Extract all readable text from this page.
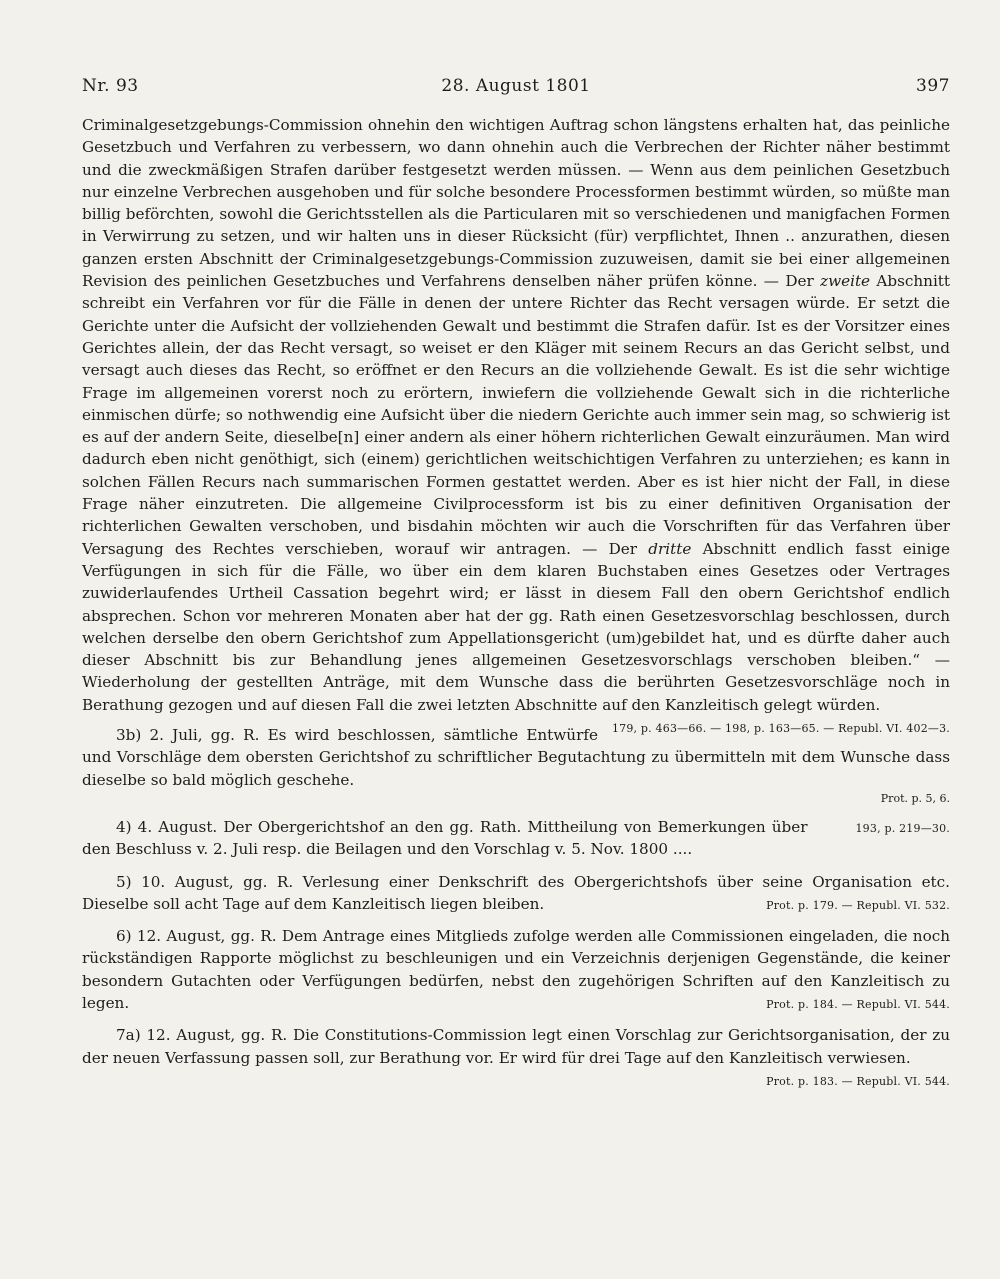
Nr. 93	28. August 1801	397

Criminalgesetzgebungs-Commission ohnehin den wichtigen Auftrag schon längstens erhalten hat, das peinliche Gesetzbuch und Verfahren zu verbessern, wo dann ohnehin auch die Verbrechen der Richter näher bestimmt und die zweckmäßigen Strafen darüber festgesetzt werden müssen. — Wenn aus dem peinlichen Gesetzbuch nur einzelne Verbrechen ausgehoben und für solche besondere Processformen bestimmt würden, so müßte man billig beförchten, sowohl die Gerichtsstellen als die Particularen mit so verschiedenen und manigfachen Formen in Verwirrung zu setzen, und wir halten uns in dieser Rücksicht (für) verpflichtet, Ihnen .. anzurathen, diesen ganzen ersten Abschnitt der Criminalgesetzgebungs-Commission zuzuweisen, damit sie bei einer allgemeinen Revision des peinlichen Gesetzbuches und Verfahrens denselben näher prüfen könne. — Der zweite Abschnitt schreibt ein Verfahren vor für die Fälle in denen der untere Richter das Recht versagen würde. Er setzt die Gerichte unter die Aufsicht der vollziehenden Gewalt und bestimmt die Strafen dafür. Ist es der Vorsitzer eines Gerichtes allein, der das Recht versagt, so weiset er den Kläger mit seinem Recurs an das Gericht selbst, und versagt auch dieses das Recht, so eröffnet er den Recurs an die vollziehende Gewalt. Es ist die sehr wichtige Frage im allgemeinen vorerst noch zu erörtern, inwiefern die vollziehende Gewalt sich in die richterliche einmischen dürfe; so nothwendig eine Aufsicht über die niedern Gerichte auch immer sein mag, so schwierig ist es auf der andern Seite, dieselbe[n] einer andern als einer höhern richterlichen Gewalt einzuräumen. Man wird dadurch eben nicht genöthigt, sich (einem) gerichtlichen weitschichtigen Verfahren zu unterziehen; es kann in solchen Fällen Recurs nach summarischen Formen gestattet werden. Aber es ist hier nicht der Fall, in diese Frage näher einzutreten. Die allgemeine Civilprocessform ist bis zu einer definitiven Organisation der richterlichen Gewalten verschoben, und bisdahin möchten wir auch die Vorschriften für das Verfahren über Versagung des Rechtes verschieben, worauf wir antragen. — Der dritte Abschnitt endlich fasst einige Verfügungen in sich für die Fälle, wo über ein dem klaren Buchstaben eines Gesetzes oder Vertrages zuwiderlaufendes Urtheil Cassation begehrt wird; er lässt in diesem Fall den obern Gerichtshof endlich absprechen. Schon vor mehreren Monaten aber hat der gg. Rath einen Gesetzesvorschlag beschlossen, durch welchen derselbe den obern Gerichtshof zum Appellationsgericht (um)gebildet hat, und es dürfte daher auch dieser Abschnitt bis zur Behandlung jenes allgemeinen Gesetzesvorschlags verschoben bleiben.“ — Wiederholung der gestellten Anträge, mit dem Wunsche dass die berührten Gesetzesvorschläge noch in Berathung gezogen und auf diesen Fall die zwei letzten Abschnitte auf den Kanzleitisch gelegt würden.
179, p. 463—66. — 198, p. 163—65. — Republ. VI. 402—3.

3b) 2. Juli, gg. R. Es wird beschlossen, sämtliche Entwürfe und Vorschläge dem obersten Gerichtshof zu schriftlicher Begutachtung zu übermitteln mit dem Wunsche dass dieselbe so bald möglich geschehe.
Prot. p. 5, 6.

193, p. 219—30.
4) 4. August. Der Obergerichtshof an den gg. Rath. Mittheilung von Bemerkungen über den Beschluss v. 2. Juli resp. die Beilagen und den Vorschlag v. 5. Nov. 1800 ....

5) 10. August, gg. R. Verlesung einer Denkschrift des Obergerichtshofs über seine Organisation etc. Dieselbe soll acht Tage auf dem Kanzleitisch liegen bleiben.	Prot. p. 179. — Republ. VI. 532.

6) 12. August, gg. R. Dem Antrage eines Mitglieds zufolge werden alle Commissionen eingeladen, die noch rückständigen Rapporte möglichst zu beschleunigen und ein Verzeichnis derjenigen Gegenstände, die keiner besondern Gutachten oder Verfügungen bedürfen, nebst den zugehörigen Schriften auf den Kanzleitisch zu legen.	Prot. p. 184. — Republ. VI. 544.

7a) 12. August, gg. R. Die Constitutions-Commission legt einen Vorschlag zur Gerichtsorganisation, der zu der neuen Verfassung passen soll, zur Berathung vor. Er wird für drei Tage auf den Kanzleitisch verwiesen.
Prot. p. 183. — Republ. VI. 544.
